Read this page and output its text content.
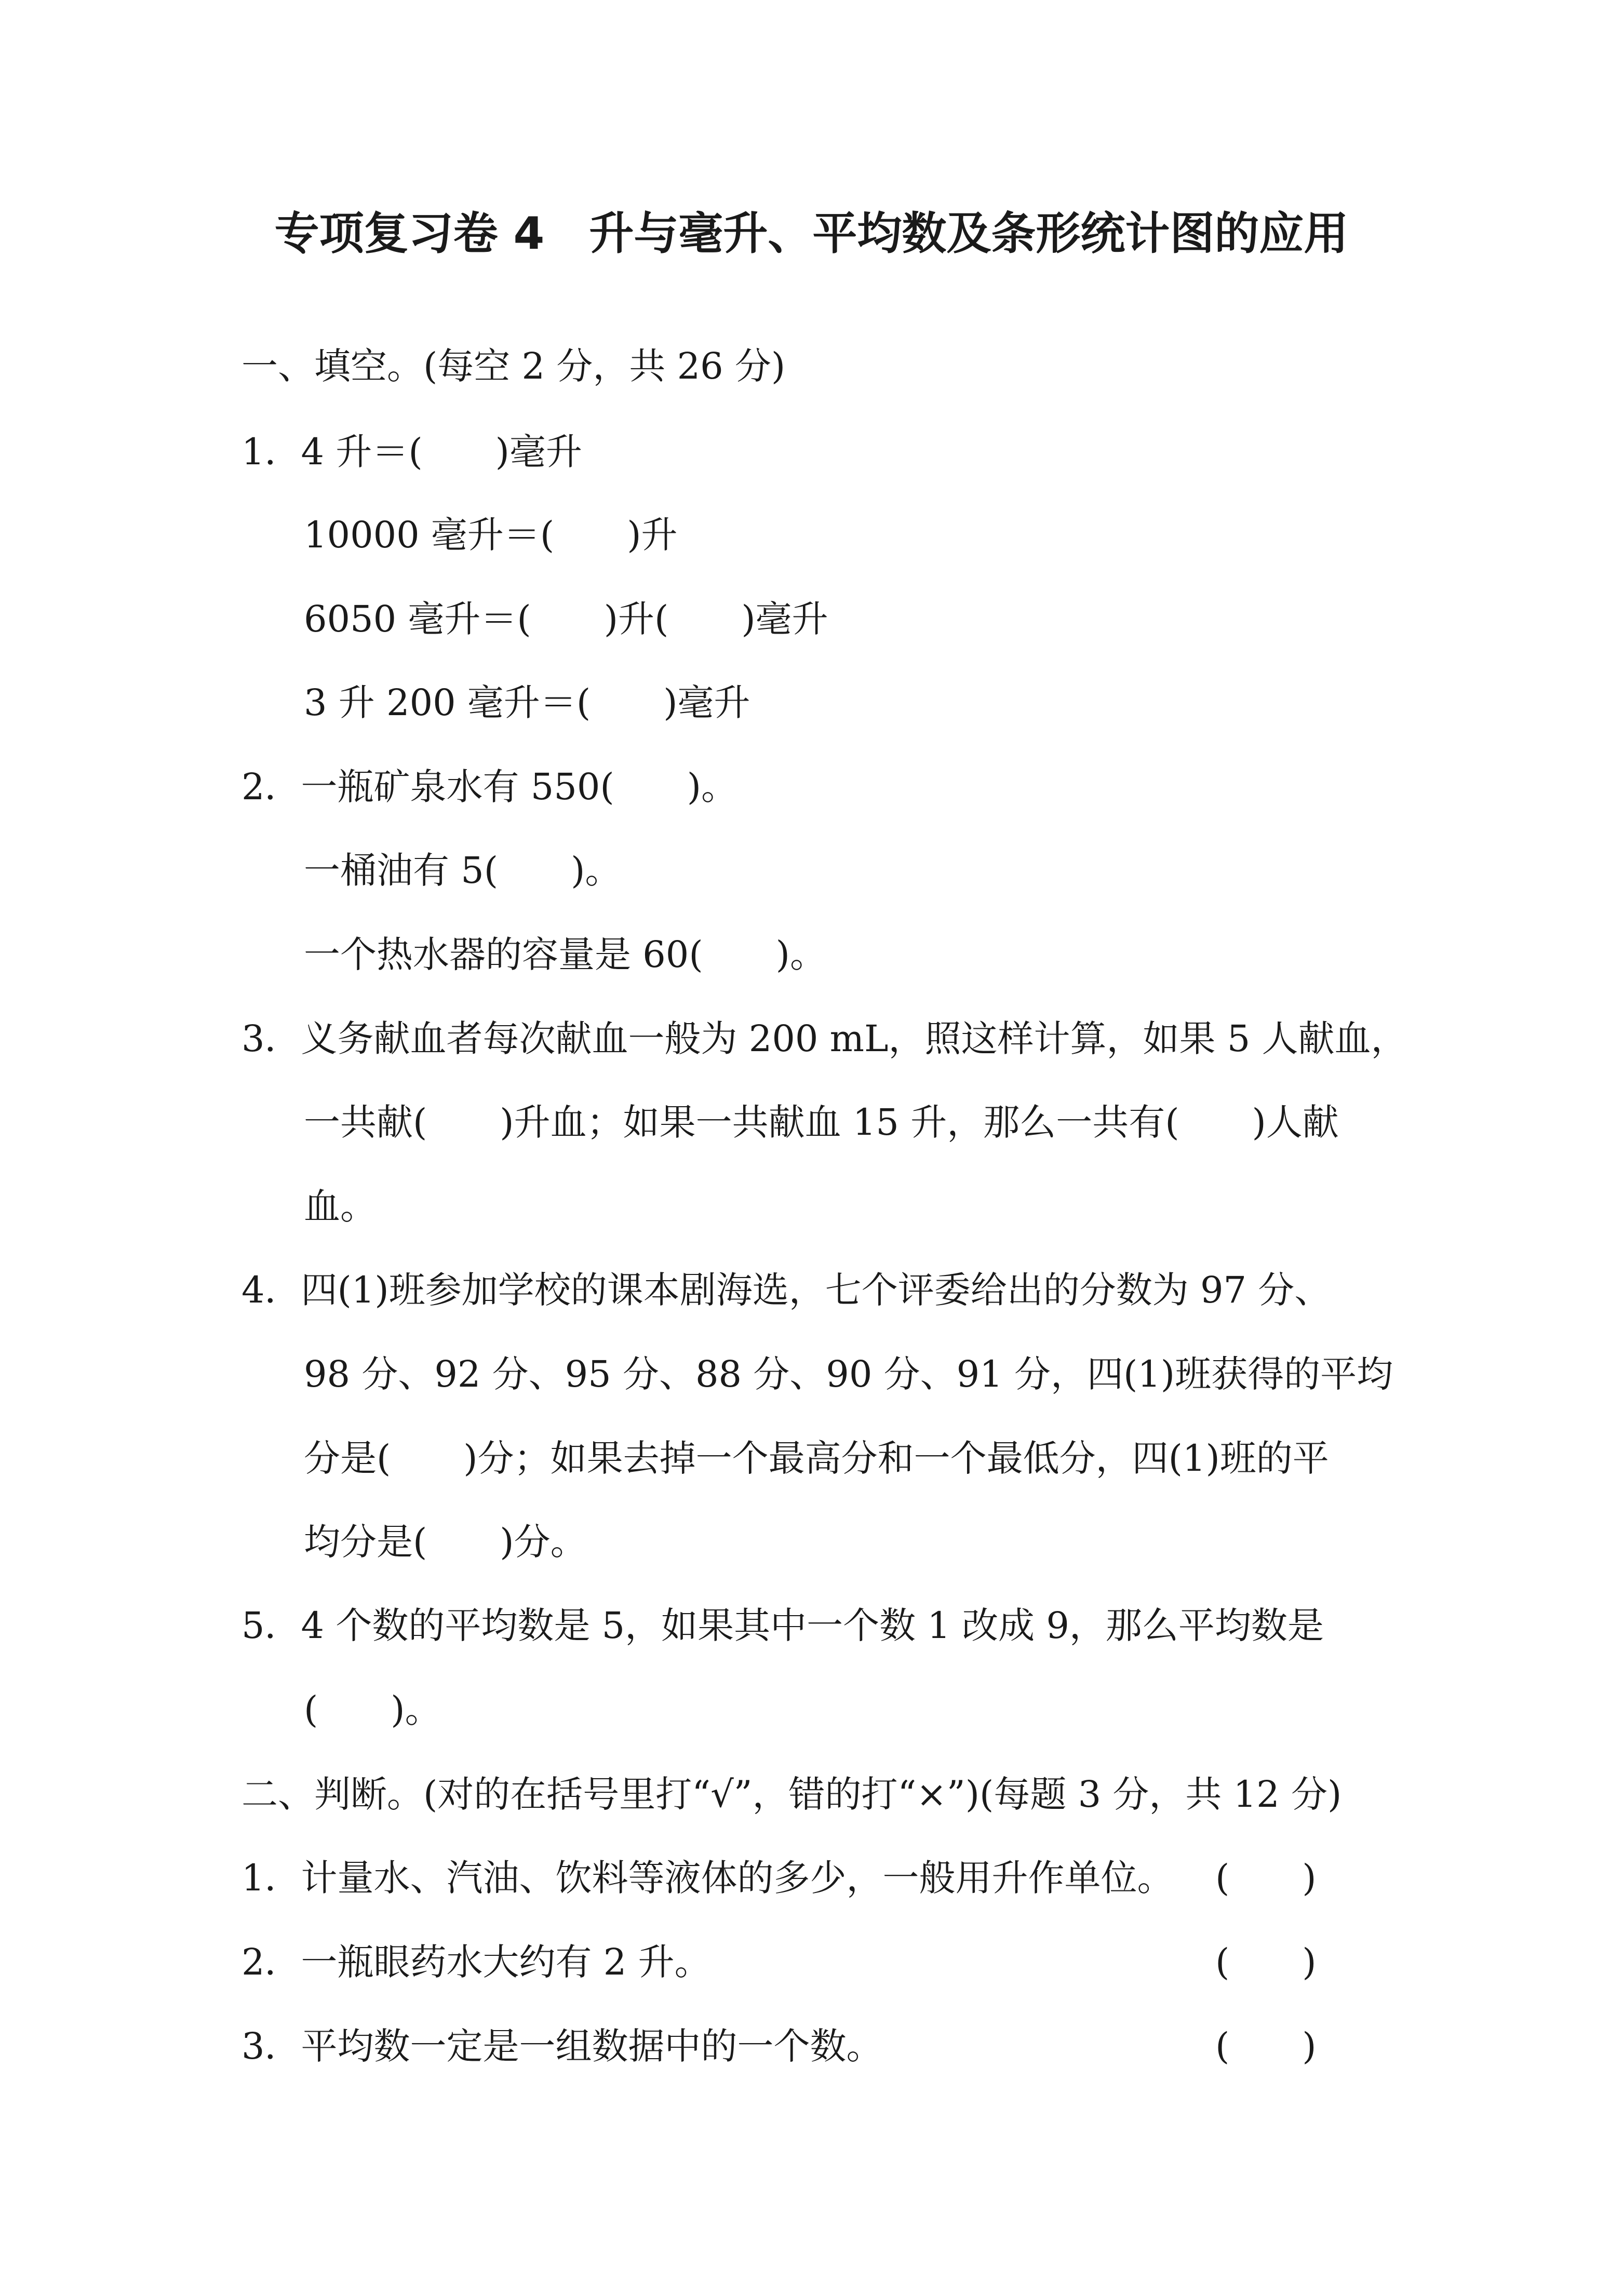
专项复习卷 4　升与毫升、平均数及条形统计图的应用
一、填空。(每空 2 分，共 26 分)
1．4 升＝(　　)毫升
10000 毫升＝(　　)升
6050 毫升＝(　　)升(　　)毫升
3 升 200 毫升＝(　　)毫升
2．一瓶矿泉水有 550(　　)。
一桶油有 5(　　)。
一个热水器的容量是 60(　　)。
3．义务献血者每次献血一般为 200 mL，照这样计算，如果 5 人献血，
一共献(　　)升血；如果一共献血 15 升，那么一共有(　　)人献
血。
4．四(1)班参加学校的课本剧海选，七个评委给出的分数为 97 分、
98 分、92 分、95 分、88 分、90 分、91 分，四(1)班获得的平均
分是(　　)分；如果去掉一个最高分和一个最低分，四(1)班的平
均分是(　　)分。
5．4 个数的平均数是 5，如果其中一个数 1 改成 9，那么平均数是
(　　)。
二、判断。(对的在括号里打“√”，错的打“×”)(每题 3 分，共 12 分)
1．计量水、汽油、饮料等液体的多少，一般用升作单位。 (　　)
2．一瓶眼药水大约有 2 升。	(　　)
3．平均数一定是一组数据中的一个数。	(　　)
